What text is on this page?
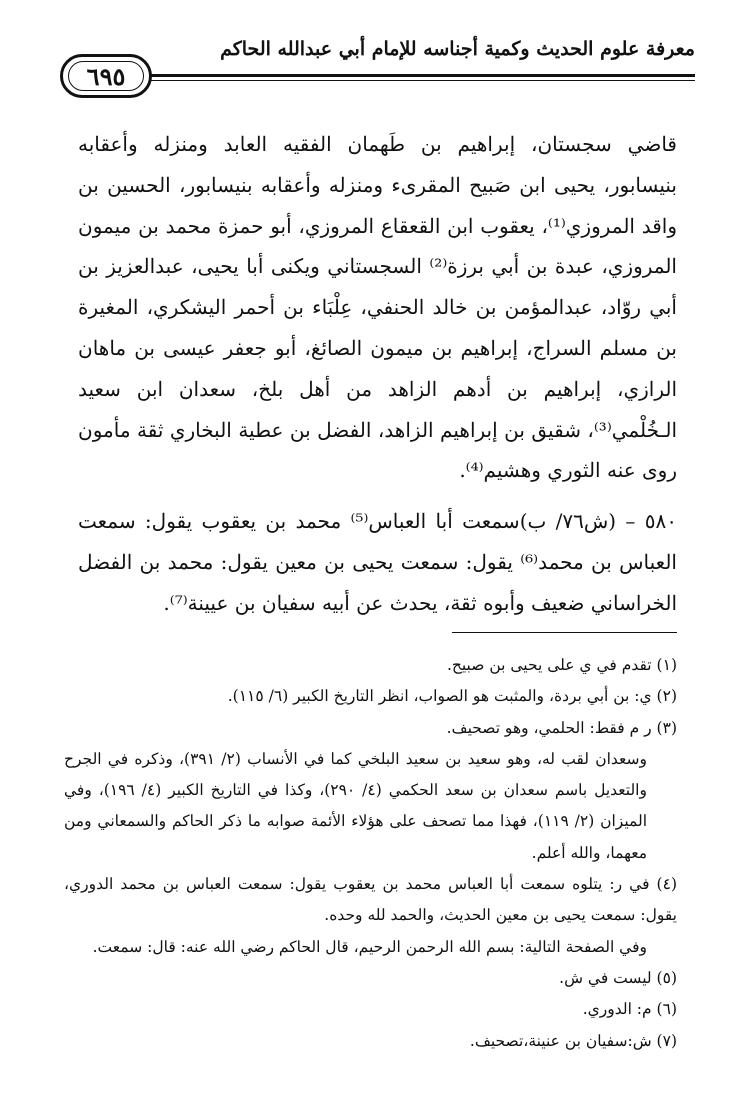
معرفة علوم الحديث وكمية أجناسه للإمام أبي عبدالله الحاكم
٦٩٥

قاضي سجستان، إبراهيم بن طَهمان الفقيه العابد ومنزله وأعقابه بنيسابور، يحيى ابن صَبيح المقرىء ومنزله وأعقابه بنيسابور، الحسين بن واقد المروزي⁽¹⁾، يعقوب ابن القعقاع المروزي، أبو حمزة محمد بن ميمون المروزي، عبدة بن أبي برزة⁽²⁾ السجستاني ويكنى أبا يحيى، عبدالعزيز بن أبي روّاد، عبدالمؤمن بن خالد الحنفي، عِلْبَاء بن أحمر اليشكري، المغيرة بن مسلم السراج، إبراهيم بن ميمون الصائغ، أبو جعفر عيسى بن ماهان الرازي، إبراهيم بن أدهم الزاهد من أهل بلخ، سعدان ابن سعيد الـخُلْمي⁽³⁾، شقيق بن إبراهيم الزاهد، الفضل بن عطية البخاري ثقة مأمون روى عنه الثوري وهشيم⁽⁴⁾.

٥٨٠ – (ش٧٦/ ب)سمعت أبا العباس⁽⁵⁾ محمد بن يعقوب يقول: سمعت العباس بن محمد⁽⁶⁾ يقول: سمعت يحيى بن معين يقول: محمد بن الفضل الخراساني ضعيف وأبوه ثقة، يحدث عن أبيه سفيان بن عيينة⁽⁷⁾.

(١) تقدم في ي على يحيى بن صبيح.

(٢) ي: بن أبي بردة، والمثبت هو الصواب، انظر التاريخ الكبير (٦/ ١١٥).

(٣) ر م فقط: الحلمي، وهو تصحيف.

وسعدان لقب له، وهو سعيد بن سعيد البلخي كما في الأنساب (٢/ ٣٩١)، وذكره في الجرح والتعديل باسم سعدان بن سعد الحكمي (٤/ ٢٩٠)، وكذا في التاريخ الكبير (٤/ ١٩٦)، وفي الميزان (٢/ ١١٩)، فهذا مما تصحف على هؤلاء الأئمة صوابه ما ذكر الحاكم والسمعاني ومن معهما، والله أعلم.

(٤) في ر: يتلوه سمعت أبا العباس محمد بن يعقوب يقول: سمعت العباس بن محمد الدوري، يقول: سمعت يحيى بن معين الحديث، والحمد لله وحده.

وفي الصفحة التالية: بسم الله الرحمن الرحيم، قال الحاكم رضي الله عنه: قال: سمعت.

(٥) ليست في ش.

(٦) م: الدوري.

(٧) ش:سفيان بن عنينة،تصحيف.
